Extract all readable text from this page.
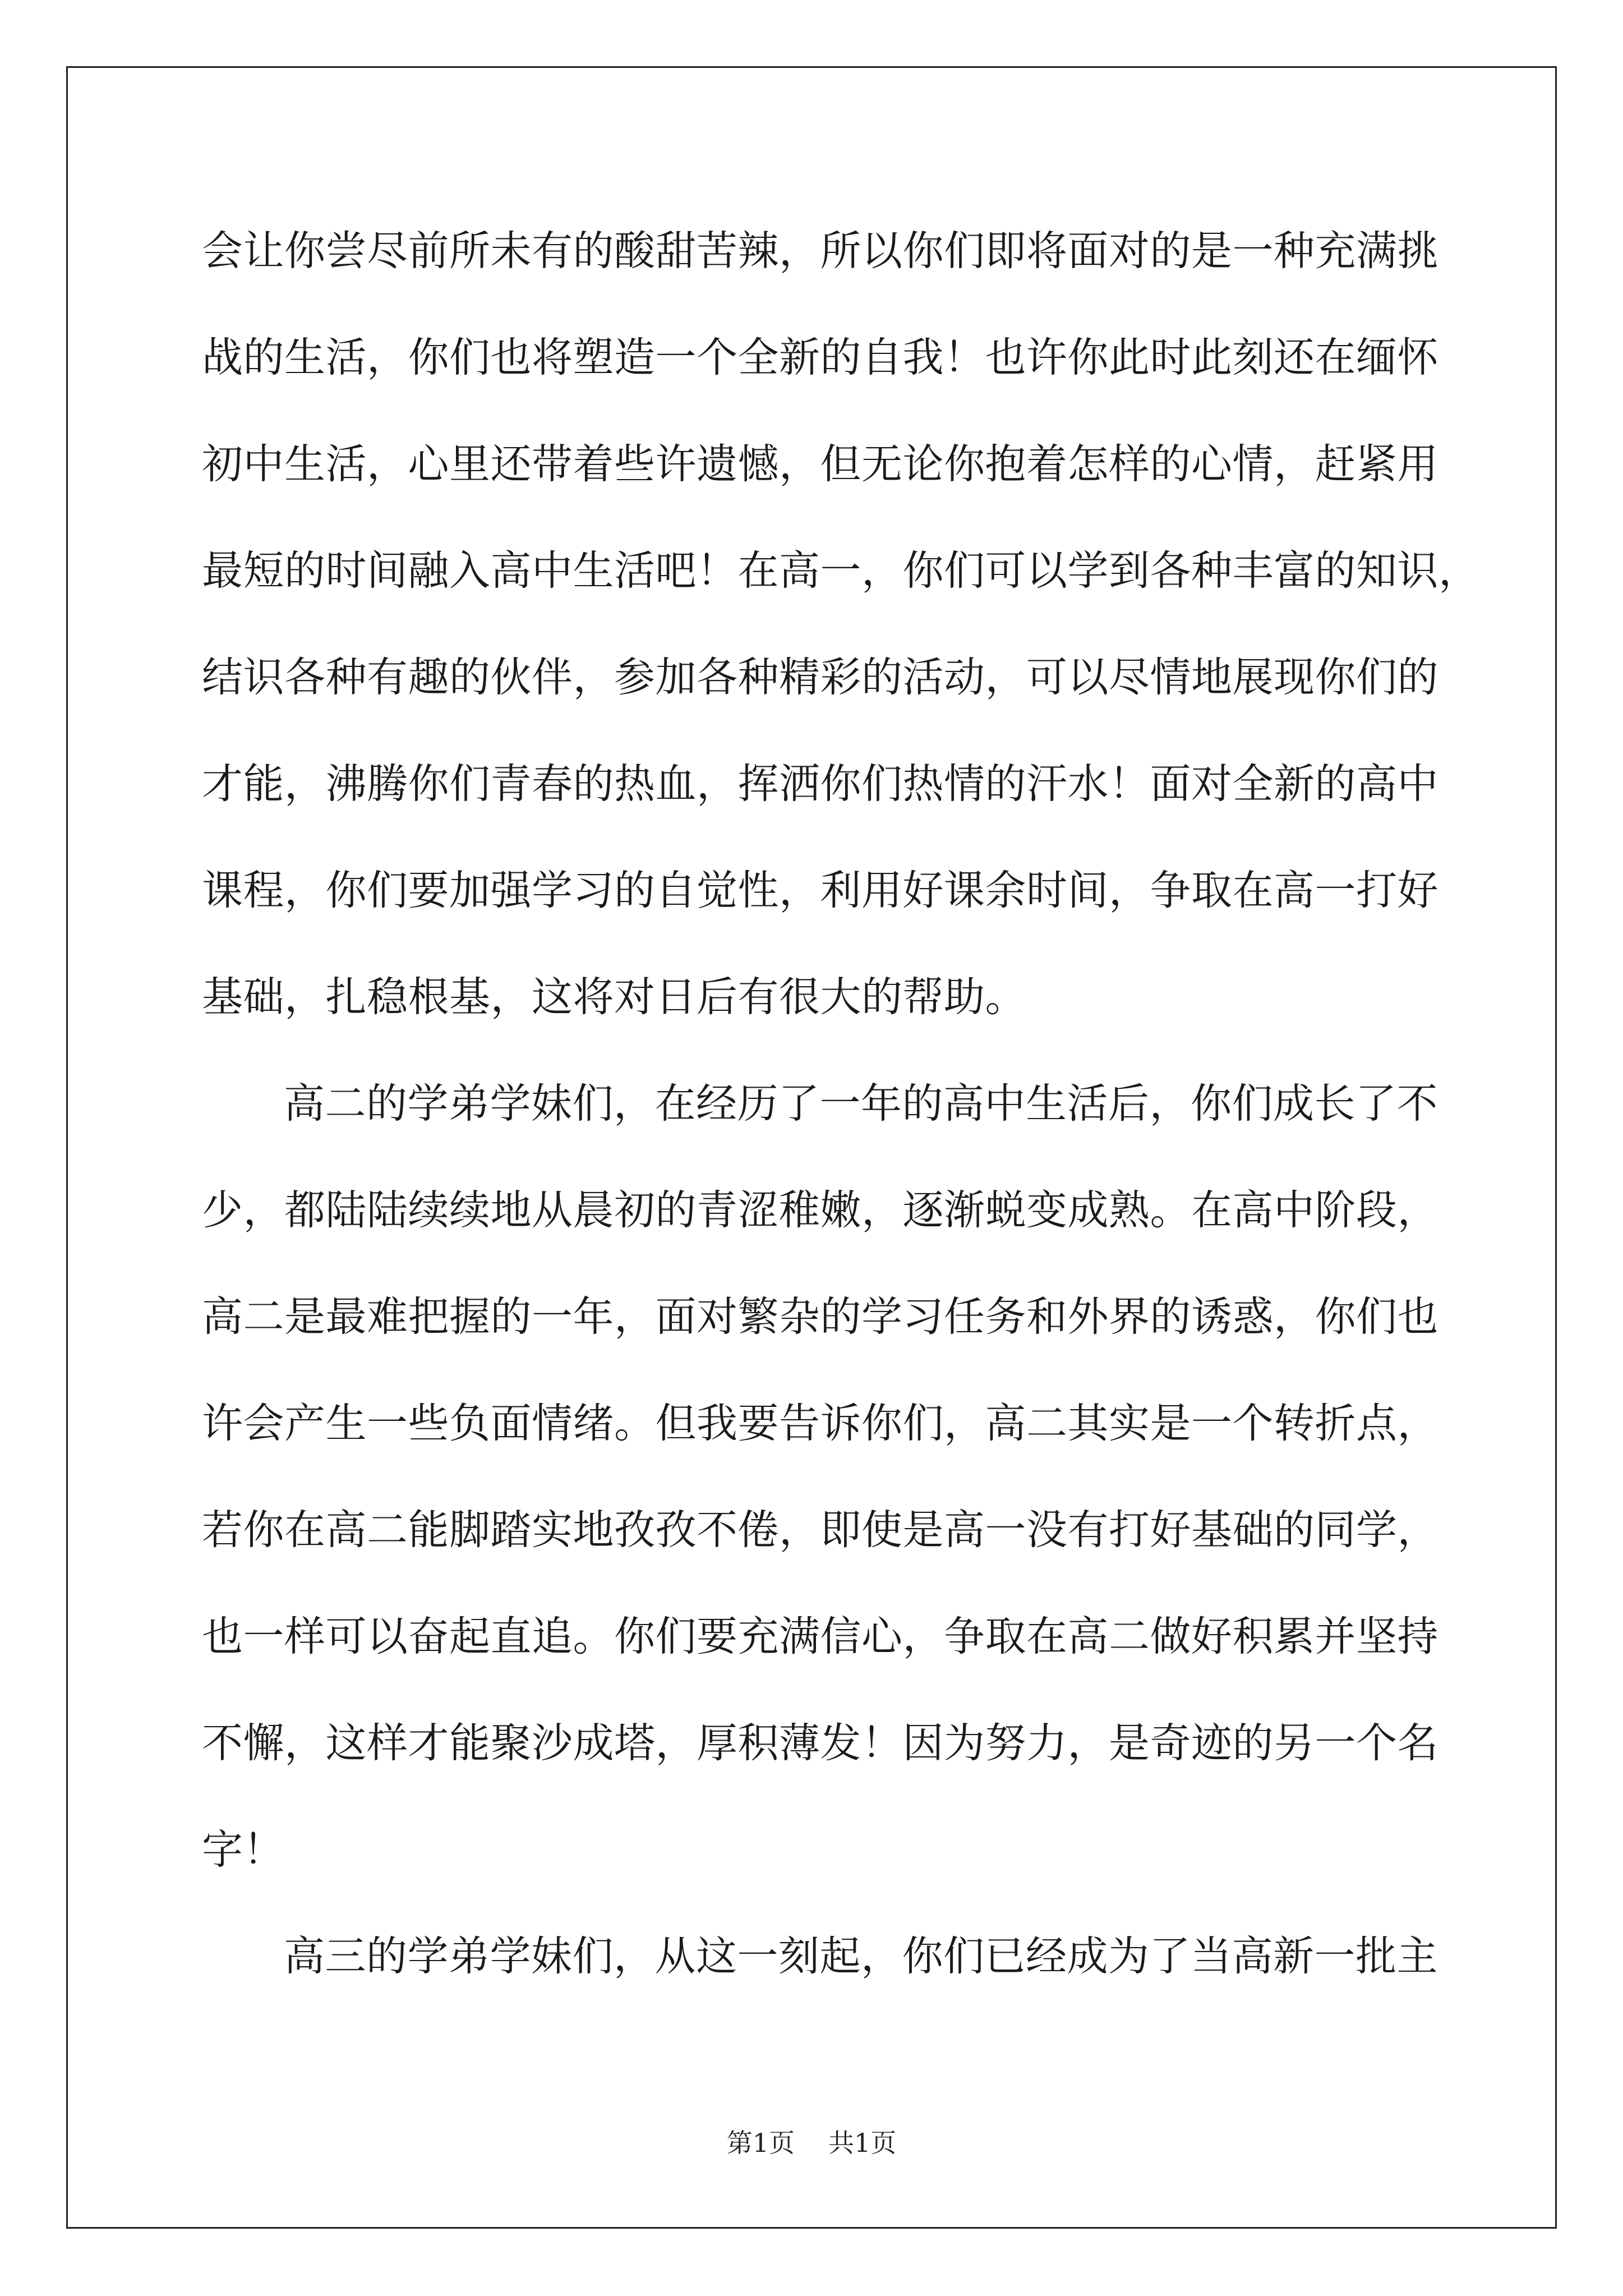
会让你尝尽前所未有的酸甜苦辣，所以你们即将面对的是一种充满挑
战的生活，你们也将塑造一个全新的自我！也许你此时此刻还在缅怀
初中生活，心里还带着些许遗憾，但无论你抱着怎样的心情，赶紧用
最短的时间融入高中生活吧！在高一，你们可以学到各种丰富的知识，
结识各种有趣的伙伴，参加各种精彩的活动，可以尽情地展现你们的
才能，沸腾你们青春的热血，挥洒你们热情的汗水！面对全新的高中
课程，你们要加强学习的自觉性，利用好课余时间，争取在高一打好
基础，扎稳根基，这将对日后有很大的帮助。
高二的学弟学妹们，在经历了一年的高中生活后，你们成长了不
少，都陆陆续续地从晨初的青涩稚嫩，逐渐蜕变成熟。在高中阶段，
高二是最难把握的一年，面对繁杂的学习任务和外界的诱惑，你们也
许会产生一些负面情绪。但我要告诉你们，高二其实是一个转折点，
若你在高二能脚踏实地孜孜不倦，即使是高一没有打好基础的同学，
也一样可以奋起直追。你们要充满信心，争取在高二做好积累并坚持
不懈，这样才能聚沙成塔，厚积薄发！因为努力，是奇迹的另一个名
字！
高三的学弟学妹们，从这一刻起，你们已经成为了当高新一批主
第1页 共1页
